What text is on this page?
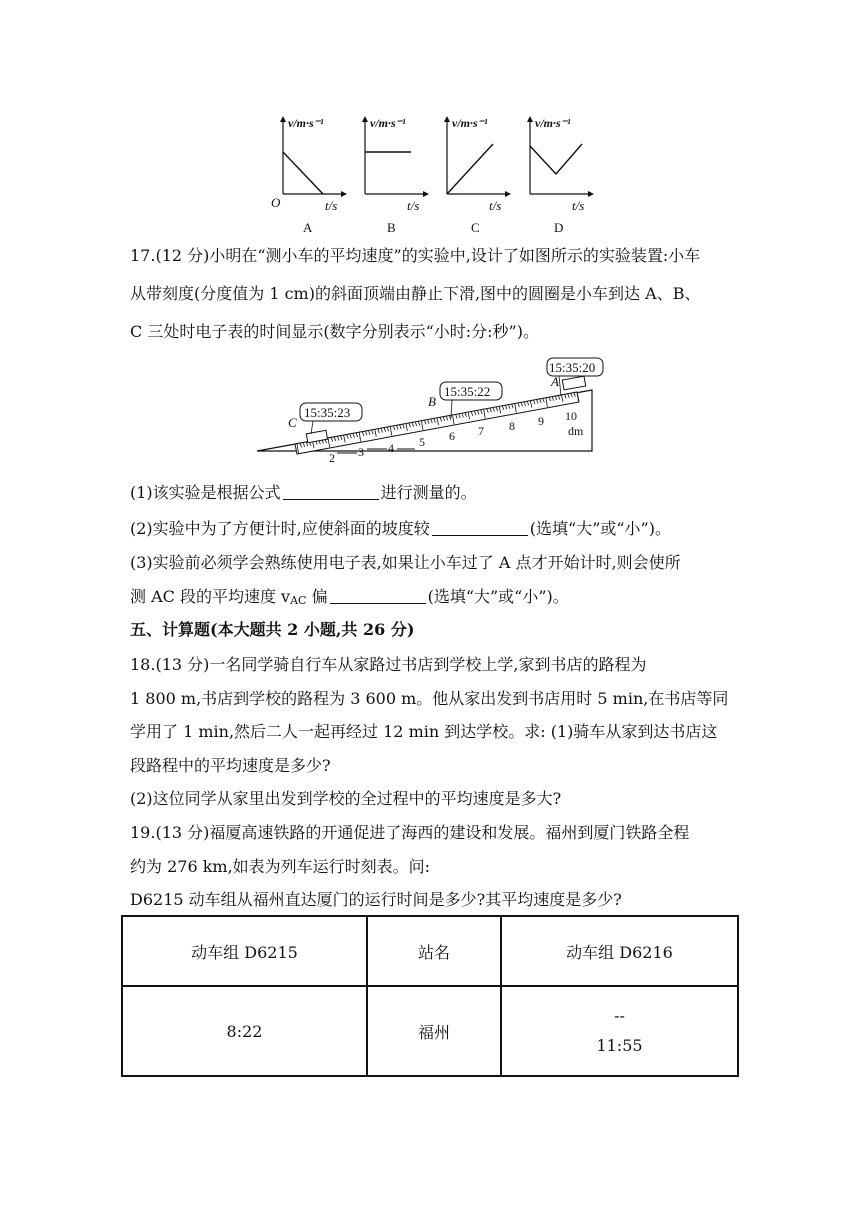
v/m·s⁻¹
t/s
O
A
v/m·s⁻¹
t/s
B
v/m·s⁻¹
t/s
C
v/m·s⁻¹
t/s
D
17.(12 分)小明在“测小车的平均速度”的实验中,设计了如图所示的实验装置:小车
从带刻度(分度值为 1 cm)的斜面顶端由静止下滑,图中的圆圈是小车到达 A、B、
C 三处时电子表的时间显示(数字分别表示“小时:分:秒”)。
2 3 4 5 6 7 8 9 10
dm
15:35:23
C
15:35:22
B
15:35:20
A
(1)该实验是根据公式	进行测量的。
(2)实验中为了方便计时,应使斜面的坡度较	(选填“大”或“小”)。
(3)实验前必须学会熟练使用电子表,如果让小车过了 A 点才开始计时,则会使所
测 AC 段的平均速度 vAC 偏	(选填“大”或“小”)。
五、计算题(本大题共 2 小题,共 26 分)
18.(13 分)一名同学骑自行车从家路过书店到学校上学,家到书店的路程为
1 800 m,书店到学校的路程为 3 600 m。他从家出发到书店用时 5 min,在书店等同
学用了 1 min,然后二人一起再经过 12 min 到达学校。求: (1)骑车从家到达书店这
段路程中的平均速度是多少?
(2)这位同学从家里出发到学校的全过程中的平均速度是多大?
19.(13 分)福厦高速铁路的开通促进了海西的建设和发展。福州到厦门铁路全程
约为 276 km,如表为列车运行时刻表。问:
D6215 动车组从福州直达厦门的运行时间是多少?其平均速度是多少?
动车组 D6215	站名	动车组 D6216
8:22	福州	--
11:55
